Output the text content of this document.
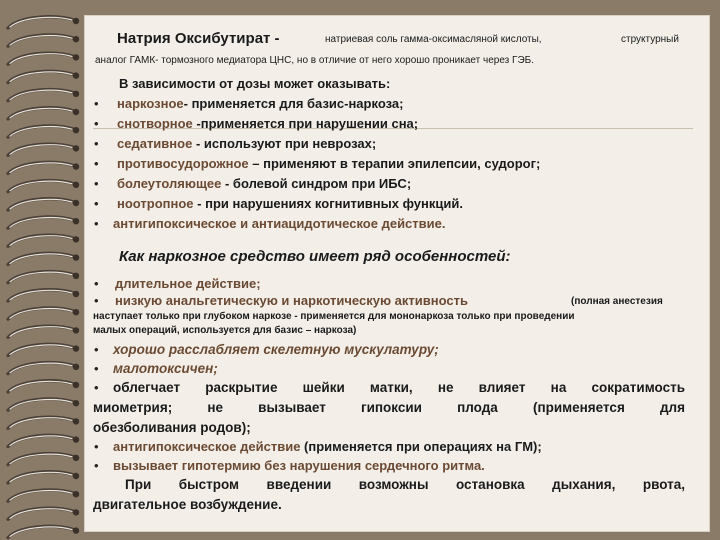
Натрия Оксибутират -	натриевая соль гамма-оксимасляной кислоты,	структурный
аналог ГАМК- тормозного медиатора ЦНС, но в отличие от него хорошо проникает через ГЭБ.
В зависимости от дозы может оказывать:
• наркозное- применяется для базис-наркоза;
• снотворное -применяется при нарушении сна;
• седативное - используют при неврозах;
• противосудорожное – применяют в терапии эпилепсии, судорог;
• болеутоляющее - болевой синдром при ИБС;
• ноотропное - при нарушениях когнитивных функций.
• антигипоксическое и антиацидотическое действие.
Как наркозное средство имеет ряд особенностей:
• длительное действие;
• низкую анальгетическую и наркотическую активность	(полная анестезия
наступает только при глубоком наркозе - применяется для мононаркоза только при проведении
малых операций, используется для базис – наркоза)
• хорошо расслабляет скелетную мускулатуру;
• малотоксичен;
• облегчает раскрытие шейки матки, не влияет на сократимость
миометрия; не вызывает гипоксии плода (применяется для
обезболивания родов);
• антигипоксическое действие (применяется при операциях на ГМ);
• вызывает гипотермию без нарушения сердечного ритма.
При быстром введении возможны остановка дыхания, рвота,
двигательное возбуждение.
